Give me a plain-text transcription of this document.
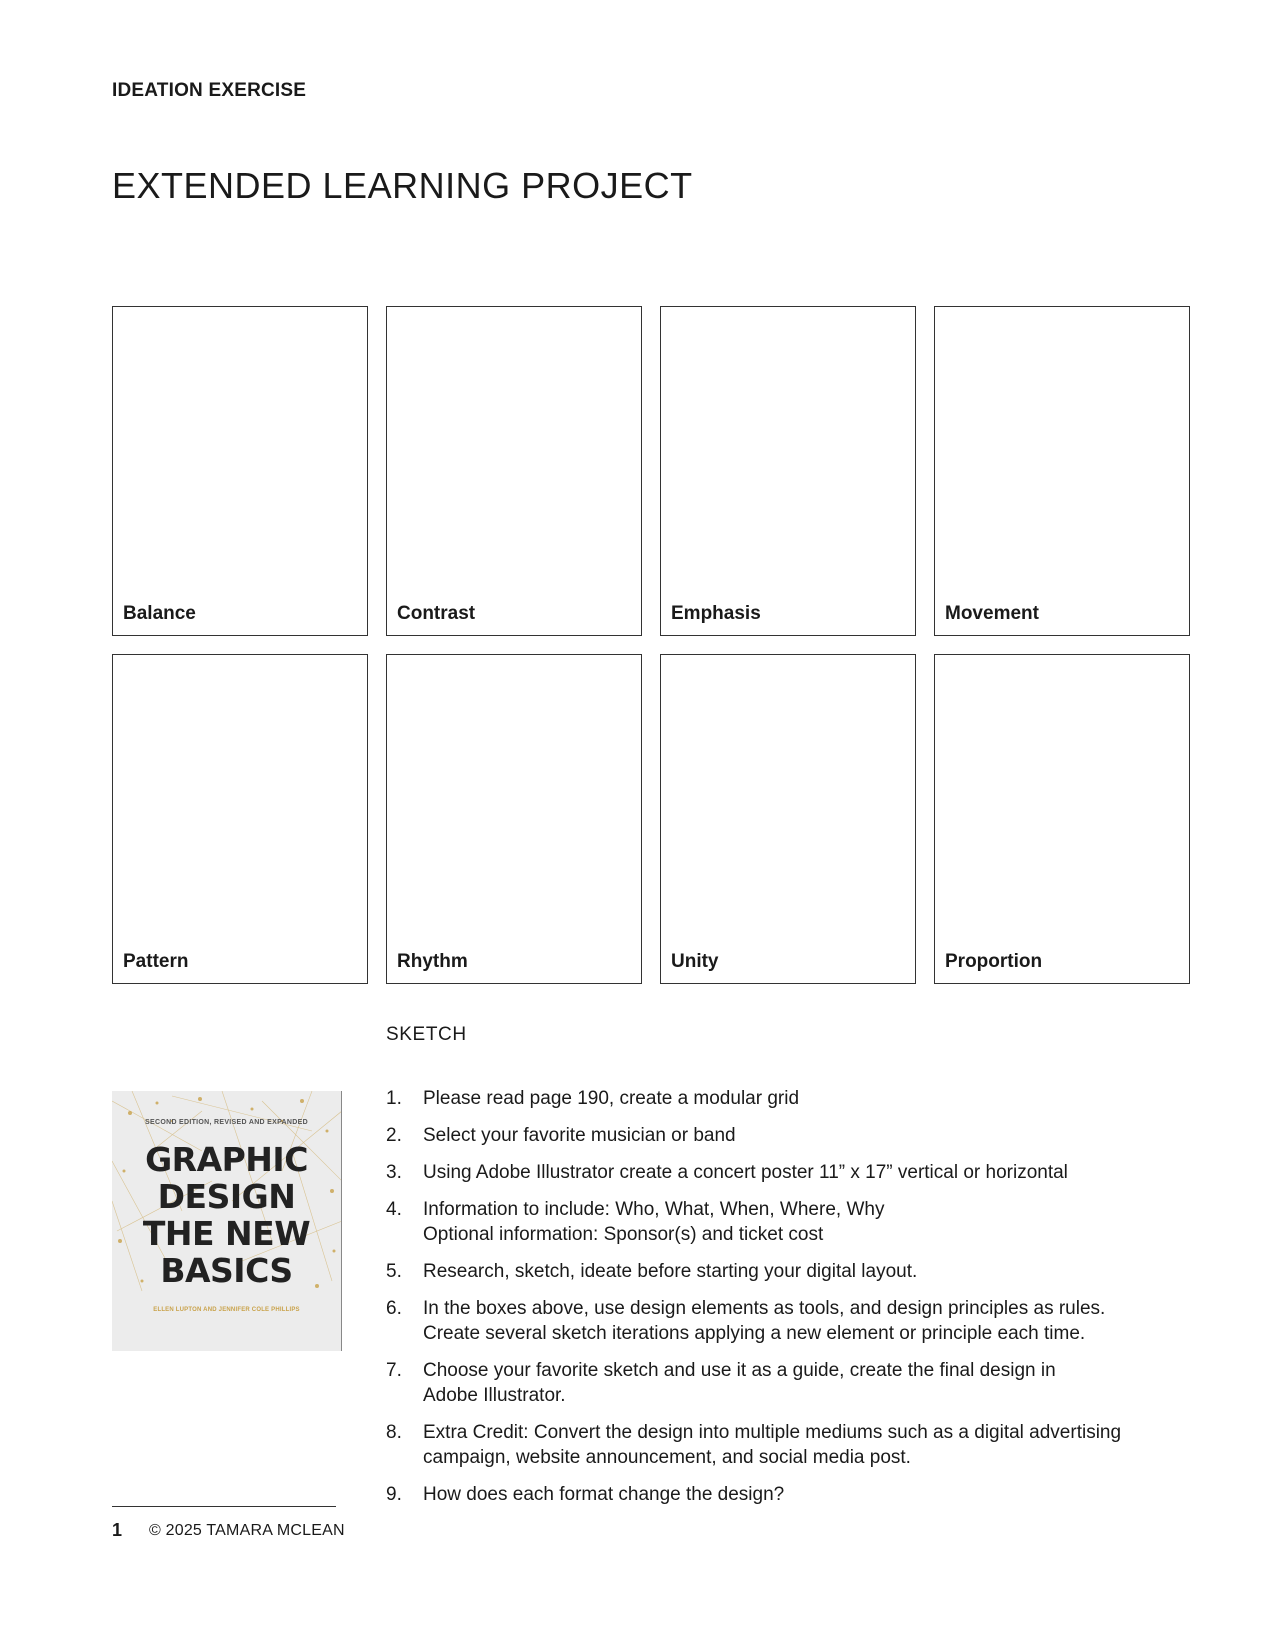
IDEATION EXERCISE
EXTENDED LEARNING PROJECT
Balance	Contrast	Emphasis	Movement
Pattern	Rhythm	Unity	Proportion
SKETCH
SECOND EDITION, REVISED AND EXPANDED
GRAPHIC
DESIGN
THE NEW
BASICS
ELLEN LUPTON AND JENNIFER COLE PHILLIPS
1.	Please read page 190, create a modular grid
2.	Select your favorite musician or band
3.	Using Adobe Illustrator create a concert poster 11” x 17” vertical or horizontal
4.	Information to include: Who, What, When, Where, Why
Optional information: Sponsor(s) and ticket cost
5.	Research, sketch, ideate before starting your digital layout.
6.	In the boxes above, use design elements as tools, and design principles as rules.
Create several sketch iterations applying a new element or principle each time.
7.	Choose your favorite sketch and use it as a guide, create the final design in
Adobe Illustrator.
8.	Extra Credit: Convert the design into multiple mediums such as a digital advertising
campaign, website announcement, and social media post.
9.	How does each format change the design?
1 © 2025 TAMARA MCLEAN
